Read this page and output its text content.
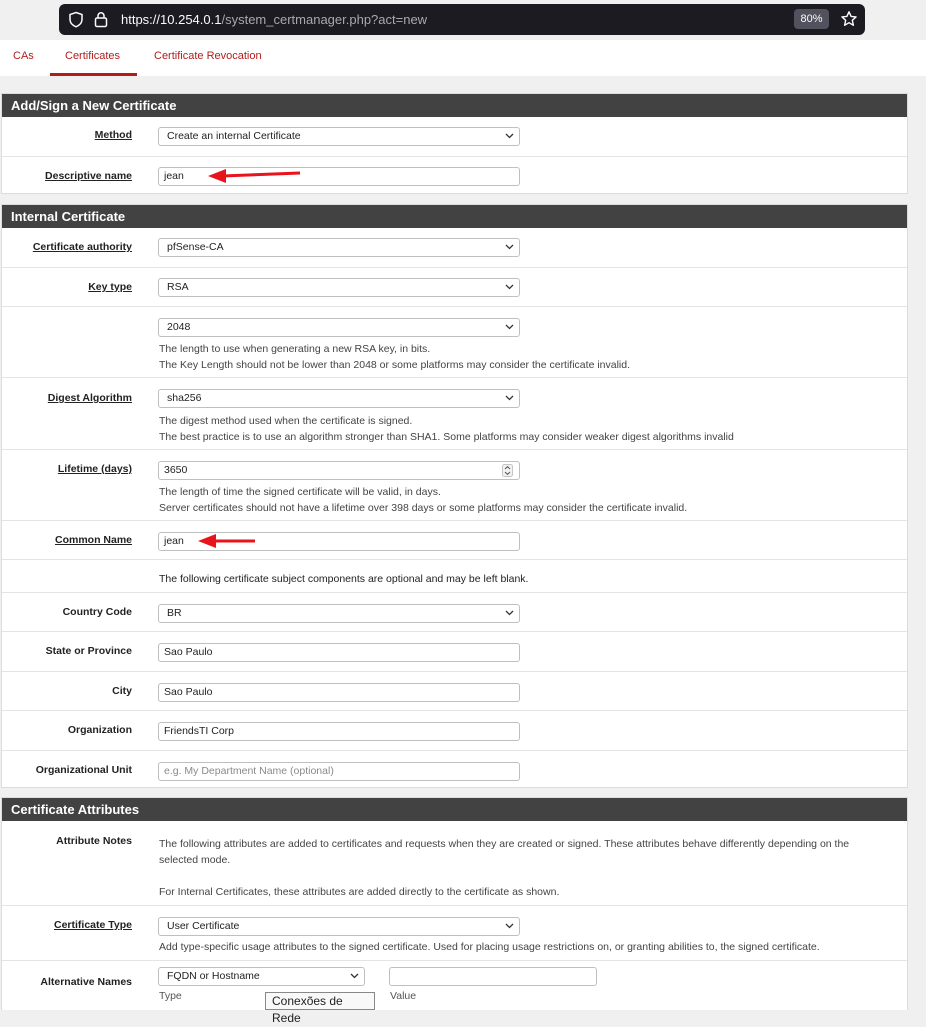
https://10.254.0.1/system_certmanager.php?act=new	80%
CAs	Certificates	Certificate Revocation
Add/Sign a New Certificate
Method	Create an internal Certificate
Descriptive name	jean
Internal Certificate
Certificate authority	pfSense-CA
Key type	RSA
2048
The length to use when generating a new RSA key, in bits.
The Key Length should not be lower than 2048 or some platforms may consider the certificate invalid.
Digest Algorithm	sha256
The digest method used when the certificate is signed.
The best practice is to use an algorithm stronger than SHA1. Some platforms may consider weaker digest algorithms invalid
Lifetime (days)	3650
The length of time the signed certificate will be valid, in days.
Server certificates should not have a lifetime over 398 days or some platforms may consider the certificate invalid.
Common Name	jean
The following certificate subject components are optional and may be left blank.
Country Code	BR
State or Province	Sao Paulo
City	Sao Paulo
Organization	FriendsTI Corp
Organizational Unit	e.g. My Department Name (optional)
Certificate Attributes
Attribute Notes	The following attributes are added to certificates and requests when they are created or signed. These attributes behave differently depending on the
selected mode.
For Internal Certificates, these attributes are added directly to the certificate as shown.
Certificate Type	User Certificate
Add type-specific usage attributes to the signed certificate. Used for placing usage restrictions on, or granting abilities to, the signed certificate.
Alternative Names	FQDN or Hostname
Type	Value
Conexões de Rede
